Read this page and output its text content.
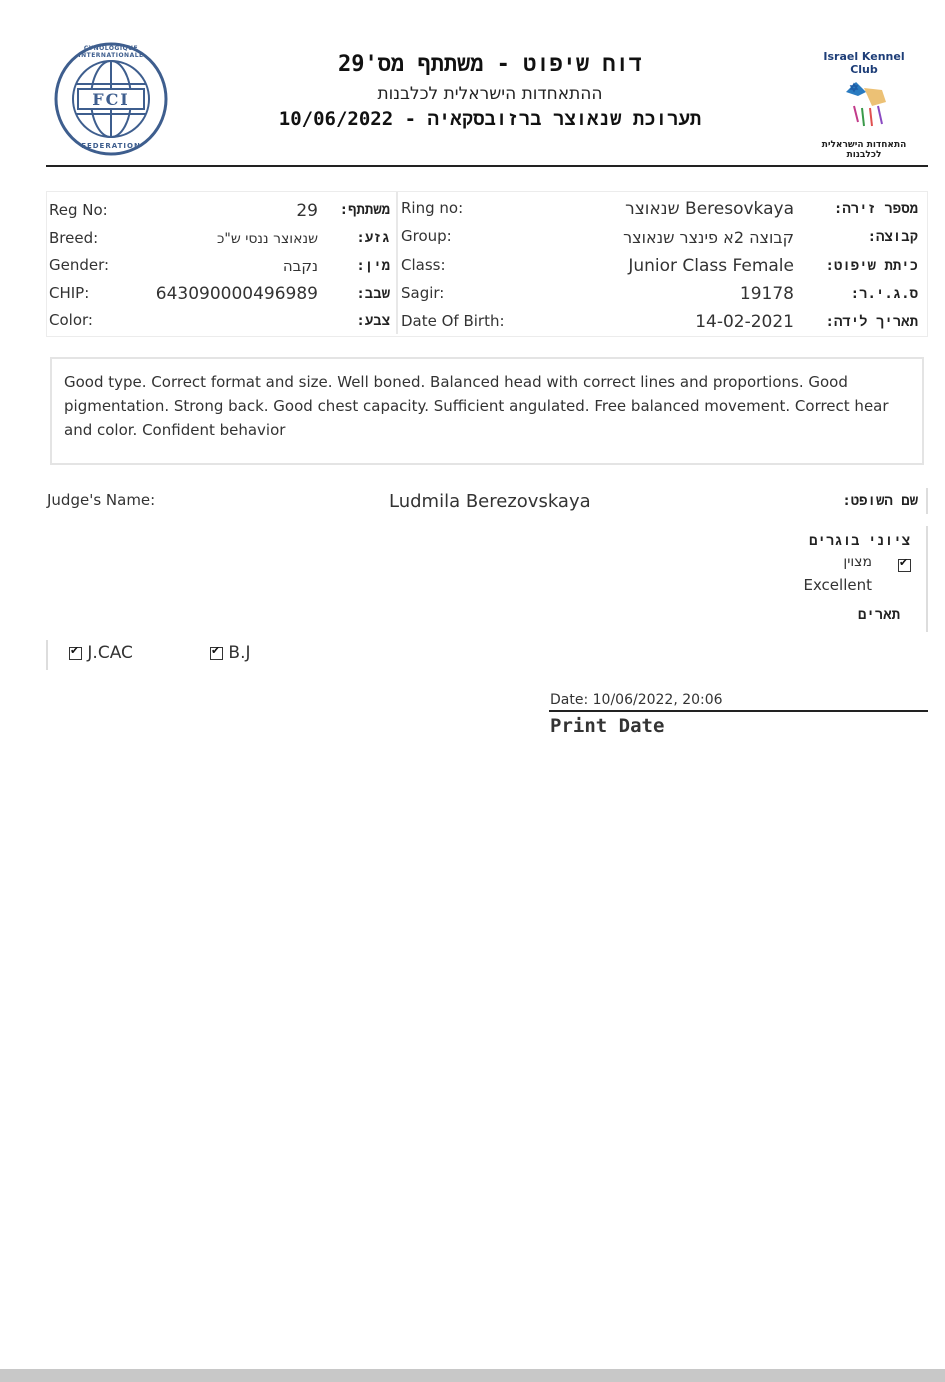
FCI
CYNOLOGIQUE INTERNATIONALE
FEDERATION
דוח שיפוט - משתתף מס'29
ההתאחדות הישראלית לכלבנות
תערוכת שנאוצר ברזובסקאיה - 10/06/2022
Israel Kennel Club
התאחדות הישראלית לכלבנות
Reg No:	29	משתתף:
Breed:	שנאוצר ננסי ש"כ	גזע:
Gender:	נקבה	מין:
CHIP:	643090000496989	שבב:
Color:	צבע:
Ring no:	Beresovkaya שנאוצר	מספר זירה:
Group:	קבוצה 2א פינצר שנאוצר	קבוצה:
Class:	Junior Class Female	כיתת שיפוט:
Sagir:	19178	ס.ג.י.ר:
Date Of Birth:	14-02-2021	תאריך לידה:
Good type. Correct format and size. Well boned. Balanced head with correct lines and proportions. Good pigmentation. Strong back. Good chest capacity. Sufficient angulated. Free balanced movement. Correct hear and color. Confident behavior
Judge's Name:	Ludmila Berezovskaya	שם השופט:
ציוני בוגרים
✔
מצוין
Excellent
תארים
✔ J.CAC
✔	B.J
Date: 10/06/2022, 20:06
Print Date
